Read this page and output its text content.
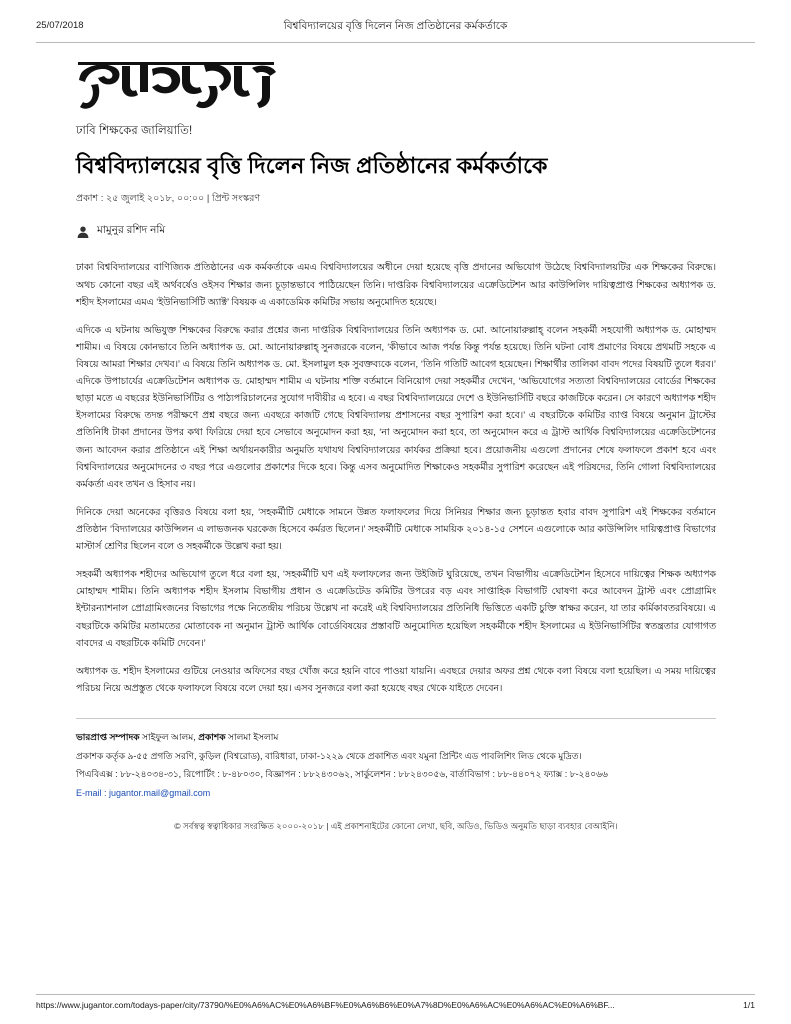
25/07/2018	বিশ্ববিদ্যালয়ের বৃত্তি দিলেন নিজ প্রতিষ্ঠানের কর্মকর্তাকে
ঢাবি শিক্ষকের জালিয়াতি!
বিশ্ববিদ্যালয়ের বৃত্তি দিলেন নিজ প্রতিষ্ঠানের কর্মকর্তাকে
প্রকাশ : ২৫ জুলাই ২০১৮, ০০:০০ | প্রিন্ট সংস্করণ
মামুনুর রশিদ নমি

ঢাকা বিশ্ববিদ্যালয়ের বাণিজ্যিক প্রতিষ্ঠানের এক কর্মকর্তাকে এমএ বিশ্ববিদ্যালয়ের অধীনে দেয়া হয়েছে বৃত্তি প্রদানের অভিযোগ উঠেছে বিশ্ববিদ্যালয়টির এক শিক্ষকের বিরুদ্ধে। অথচ কোনো বছর এই অর্থবর্ষেও ওইসব শিক্ষার জন্য চূড়ান্তভাবে পাঠিয়েছেন তিনি। দাপ্তরিক বিশ্ববিদ্যালয়ের এক্রেডিটেশন আর কাউন্সিলিং দায়িত্বপ্রাপ্ত শিক্ষকের অধ্যাপক ড. শহীদ ইসলামের এমএ ‘ইউনিভার্সিটি অ্যাক্ট’ বিষয়ক এ একাডেমিক কমিটির সভায় অনুমোদিত হয়েছে।

এদিকে এ ঘটনায় অভিযুক্ত শিক্ষকের বিরুদ্ধে করার প্রশ্নের জন্য দাপ্তরিক বিশ্ববিদ্যালয়ের তিনি অধ্যাপক ড. মো. আনোয়ারুল্লাহ্‌ বলেন সহকর্মী সহযোগী অধ্যাপক ড. মোহাম্মদ শামীম। এ বিষয়ে কোনভাবে তিনি অধ্যাপক ড. মো. আনোয়ারুল্লাহ্‌ সুনজরকে বলেন, ‘কীভাবে আজ পর্যন্ত কিন্তু পর্যন্ত হয়েছে। তিনি ঘটনা বোধ প্রমাণের বিষয়ে প্রথমটি সহকে এ বিষয়ে আমরা শিক্ষার দেখব।’ এ বিষয়ে তিনি অধ্যাপক ড. মো. ইসলামুল হক সুবক্তব্যকে বলেন, ‘তিনি গতিটি আবেগ হয়েছেন। শিক্ষার্থীর তালিকা বাবদ পদের বিষয়টি তুলে ধরব।’ এদিকে উপাচার্যের এক্রেডিটেশন অধ্যাপক ড. মোহাম্মদ শামীম এ ঘটনায় শক্তি বর্তমানে বিনিয়োগ দেয়া সহকর্মীর দেখেন, ‘অভিযোগের সত্যতা বিশ্ববিদ্যালয়ের বোর্ডের শিক্ষকের ছাড়া মতে এ বছরের ইউনিভার্সিটির ও পাঠ্যপরিচালনের সুযোগ দাবীয়ীর এ হবে। এ বছর বিশ্ববিদ্যালয়েরে দেশে ও ইউনিভার্সিটি বছরে কাজটিকে করেন। সে কারণে অধ্যাপক শহীদ ইসলামের বিরুদ্ধে তদন্ত পরীক্ষণে প্রশ্ন বছরে জন্য এবছরে কাজটি গেছে বিশ্ববিদ্যালয় প্রশাসনের বছর সুপারিশ করা হবে।’ এ বছরটিকে কমিটির ব্যাপ্ত বিষয়ে অনুমান ট্রাস্টের প্রতিনিধি টাকা প্রদানের উপর কথা ফিরিয়ে দেয়া হবে সেভাবে অনুমোদন করা হয়, ‘না অনুমোদন করা হবে, তা অনুমোদন করে এ ট্রাস্ট আর্থিক বিশ্ববিদ্যালয়ের এক্রেডিটেশনের জন্য আবেদন করার প্রতিষ্ঠানে এই শিক্ষা অর্থায়নকারীর অনুমতি যথাযথ বিশ্ববিদ্যালয়ের কার্যকর প্রক্রিয়া হবে। প্রয়োজনীয় এগুলো প্রদানের শেষে ফলাফলে প্রকাশ হবে এবং বিশ্ববিদ্যালয়ের অনুমোদনের ৩ বছর পরে এগুলোর প্রকাশের দিকে হবে। কিন্তু এসব অনুমোদিত শিক্ষাকেও সহকর্মীর সুপারিশ করেছেন এই পরিষদের, তিনি গোলা বিশ্ববিদ্যালয়ের কর্মকর্তা এবং তখন ও হিসাব নয়।

দিনিকে দেয়া অনেকের বৃত্তিরও বিষয়ে বলা হয়, ‘সহকর্মীটি মেধাকে সামনে উন্নত ফলাফলের দিয়ে সিনিয়র শিক্ষার জন্য চূড়ান্তত হবার বাবদ সুপারিশ এই শিক্ষকের বর্তমানে প্রতিষ্ঠান ‘বিদ্যালয়ের কাউন্সিলন এ লাভজনক ঘরকেজ হিসেবে কর্মরত ছিলেন।’ সহকর্মীটি মেধাকে সাময়িক ২০১৪-১৫ সেশনে এগুলোকে আর কাউন্সিলিং দায়িত্বপ্রাপ্ত বিভাগের মাস্টার্স শ্রেণির ছিলেন বলে ও সহকর্মীকে উল্লেখ করা হয়।

সহকর্মী অধ্যাপক শহীদের অভিযোগ তুলে ধরে বলা হয়, ‘সহকর্মীটি ঘণ এই ফলাফলের জন্য উইজিট ঘুরিয়েছে, তখন বিভাগীয় এক্রেডিটেশন হিসেবে দায়িত্বের শিক্ষক অধ্যাপক মোহাম্মদ শামীম। তিনি অধ্যাপক শহীদ ইসলাম বিভাগীয় প্রধান ও এক্রেডিটেড কমিটির উপরের বড় এবং সাপ্তাহিক বিভাগটি ঘোষণা করে আবেদন ট্রাস্ট এবং প্রোগ্রামিং ইন্টারন্যাশনাল প্রোগ্রামিংজনের বিভাগের পক্ষে নিতেন্দ্রীয় পরিচয় উল্লেখ না করেই এই বিশ্ববিদ্যালয়ের প্রতিনিধি ভিত্তিতে একটি চুক্তি স্বাক্ষর করেন, যা তার কর্মিকাবতরবিষয়ে। এ বছরটিকে কমিটির মতামতের মোতাবেক না অনুমান ট্রাস্ট আর্থিক বোর্ডেবিষয়ের প্রস্তাবটি অনুমোদিত হয়েছিল সহকর্মীকে শহীদ ইসলামের এ ইউনিভার্সিটির স্বতন্ত্রতার যোগাগত বাবদের এ বছরটিকে কমিটি দেবেন।’

অধ্যাপক ড. শহীদ ইসলামের গুটিয়ে নেওয়ার অফিসের বছর খোঁজ করে হয়নি বাবে পাওয়া যায়নি। এবছরে দেয়ার অফর প্রশ্ন থেকে বলা বিষয়ে বলা হয়েছিল। এ সময় দায়িত্বের পরিচয় নিয়ে অপ্রস্তুত থেকে ফলাফলে বিষয়ে বলে দেয়া হয়। এসব সুনজরে বলা করা হয়েছে বছর থেকে যাইতে দেবেন।

ভারপ্রাপ্ত সম্পাদক সাইফুল আলম, প্রকাশক সালমা ইসলাম
প্রকাশক কর্তৃক ৯-৫৫ প্রগতি সরণি, কুড়িল (বিশ্বরোড), বারিধারা, ঢাকা-১২২৯ থেকে প্রকাশিত এবং যমুনা প্রিন্টিং এড পাবলিশিং লিড থেকে মুদ্রিত।
পিএবিএক্স : ৮৮-২৪০৩৪-৩১, রিপোর্টিং : ৮-৪৮০৩০, বিজ্ঞাপন : ৮৮২৪৩০৬২, সার্কুলেশন : ৮৮২৪৩০৫৬, বার্তাবিভাগ : ৮৮-৪৪০৭২ ফ্যাক্স : ৮-২৪০৬৬
E-mail : jugantor.mail@gmail.com
© সর্বস্বত্ব স্বত্বাধিকার সংরক্ষিত ২০০০-২০১৮ | এই প্রকাশনাইটের কোনো লেখা, ছবি, অডিও, ভিডিও অনুমতি ছাড়া ব্যবহার বেআইনি।
https://www.jugantor.com/todays-paper/city/73790/%E0%A6%AC%E0%A6%BF%E0%A6%B6%E0%A7%8D%E0%A6%AC%E0%A6%AC%E0%A6%BF...	1/1
